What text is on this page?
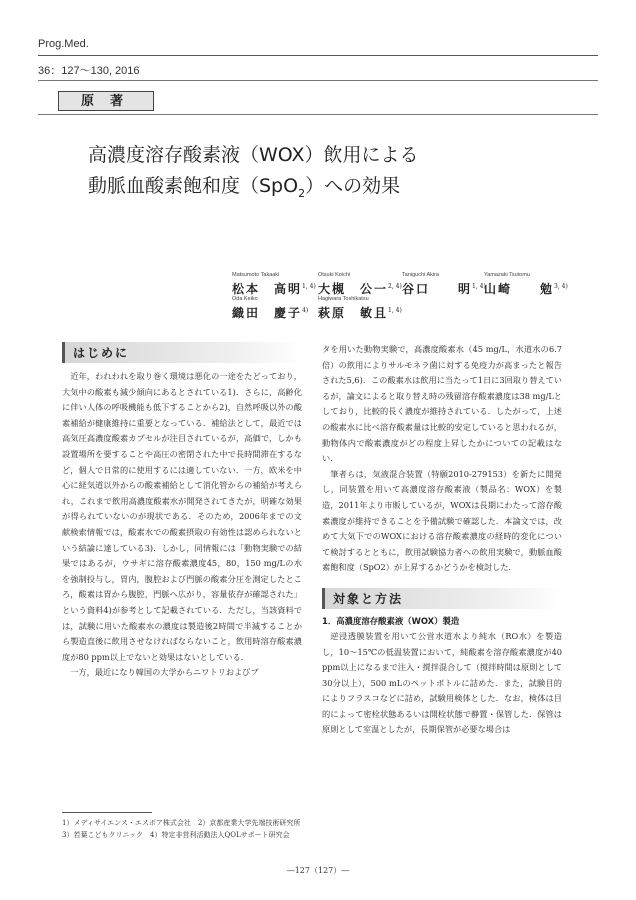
Prog.Med.
36：127～130, 2016
原著
高濃度溶存酸素液（WOX）飲用による
動脈血酸素飽和度（SpO$_2$）への効果
Matsumoto Takaaki
松本　高明$^{1, 4)}$
Otsuki Koichi
大槻　公一$^{2, 4)}$
Taniguchi Akira
谷口　　明$^{1, 4)}$
Yamazaki Tsutomu
山崎　　勉$^{3, 4)}$
Oda Keiko
織田　慶子$^{4)}$
Hagiwara Toshikatsu
萩原　敏且$^{1, 4)}$
はじめに

近年，われわれを取り巻く環境は悪化の一途をたどっており，大気中の酸素も減少傾向にあるとされている1)．さらに，高齢化に伴い人体の呼吸機能も低下することから2)，自然呼吸以外の酸素補給が健康維持に重要となっている．補給法として，最近では高気圧高濃度酸素カプセルが注目されているが，高価で，しかも設置場所を要することや高圧の密閉された中で長時間滞在するなど，個人で日常的に使用するには適していない．一方，欧米を中心に経気道以外からの酸素補給として消化管からの補給が考えられ，これまで飲用高濃度酸素水が開発されてきたが，明確な効果が得られていないのが現状である．そのため，2006年までの文献検索情報では，酸素水での酸素摂取の有効性は認められないという結論に達している3)．しかし，同情報には「動物実験での結果ではあるが，ウサギに溶存酸素濃度45，80，150 mg/Lの水を強制投与し，胃内，腹腔および門脈の酸素分圧を測定したところ，酸素は胃から腹腔，門脈へ広がり，容量依存が確認された」という資料4)が参考として記載されている．ただし，当該資料では，試験に用いた酸素水の濃度は製造後2時間で半減することから製造直後に飲用させなければならないこと，飲用時溶存酸素濃度が80 ppm以上でないと効果はないとしている．

一方，最近になり韓国の大学からニワトリおよびブ

タを用いた動物実験で，高濃度酸素水（45 mg/L，水道水の6.7倍）の飲用によりサルモネラ菌に対する免疫力が高まったと報告された5,6)．この酸素水は飲用に当たって1日に3回取り替えているが，論文によると取り替え時の残留溶存酸素濃度は38 mg/Lとしており，比較的長く濃度が維持されている．したがって，上述の酸素水に比べ溶存酸素量は比較的安定していると思われるが，動物体内で酸素濃度がどの程度上昇したかについての記載はない．

筆者らは，気液混合装置（特願2010-279153）を新たに開発し，同装置を用いて高濃度溶存酸素液（製品名：WOX）を製造，2011年より市販しているが，WOXは長期にわたって溶存酸素濃度が維持できることを予備試験で確認した．本論文では，改めて大気下でのWOXにおける溶存酸素濃度の経時的変化について検討するとともに，飲用試験協力者への飲用実験で，動脈血酸素飽和度（SpO2）が上昇するかどうかを検討した．

対象と方法
1．高濃度溶存酸素液（WOX）製造

逆浸透膜装置を用いて公営水道水より純水（RO水）を製造し，10～15℃の低温装置において，純酸素を溶存酸素濃度が40 ppm以上になるまで注入・撹拌混合して（撹拌時間は原則として30分以上），500 mLのペットボトルに詰めた．また，試験目的によりフラスコなどに詰め，試験用検体とした．なお，検体は目的によって密栓状態あるいは開栓状態で静置・保管した．保管は原則として室温としたが，長期保管が必要な場合は

1）メディサイエンス・エスポア株式会社　2）京都産業大学先端技術研究所　3）若葉こどもクリニック　4）特定非営利活動法人QOLサポート研究会
―127（127）―
